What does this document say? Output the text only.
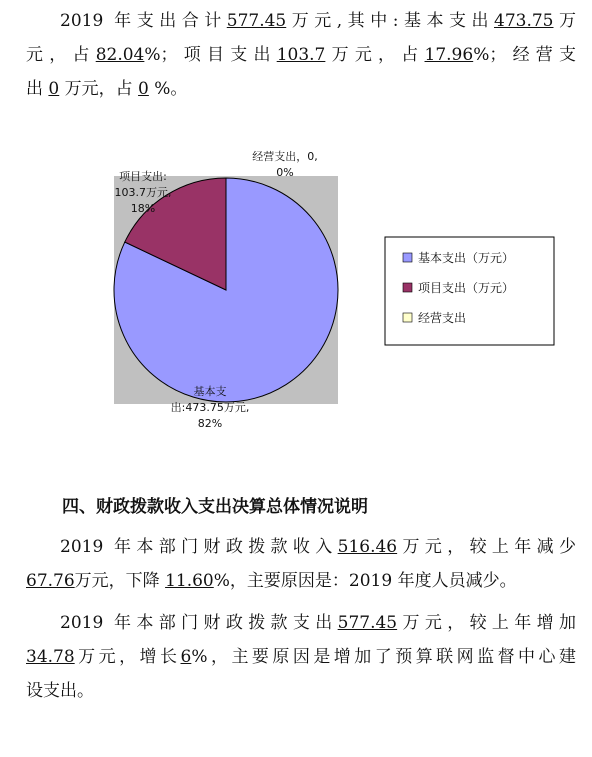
  2019 年支出合计577.45万元,其中:基本支出473.75万
元，占82.04%；项目支出103.7万元，占17.96%；经营支
出 0 万元，占 0 %。
基本支出:473.75万元, 82%
项目支出: 103.7万元, 18%
经营支出，0, 0%
基本支出（万元）
项目支出（万元）
经营支出
四、财政拨款收入支出决算总体情况说明
  2019 年本部门财政拨款收入516.46万元，较上年减少
67.76万元，下降 11.60%，主要原因是：2019 年度人员减少。
  2019 年本部门财政拨款支出577.45万元，较上年增加
34.78万元，增长6%，主要原因是增加了预算联网监督中心建
设支出。
